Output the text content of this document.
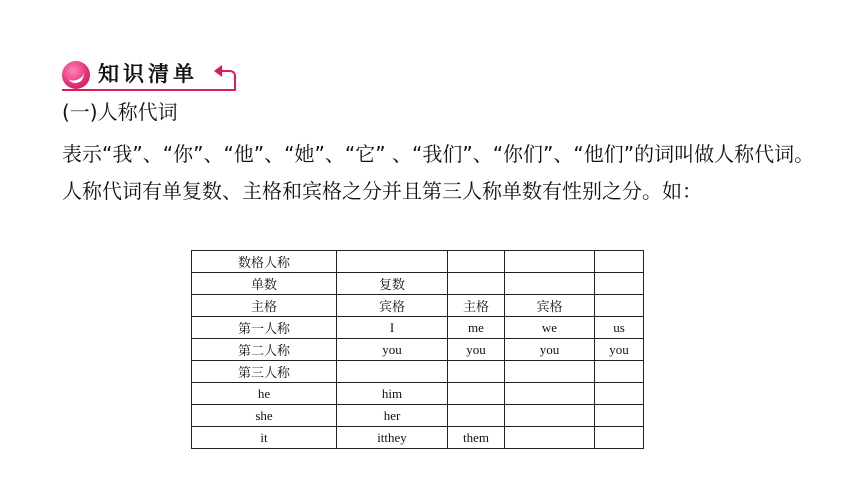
知识清单
(一)人称代词
表示“我”、“你”、“他”、“她”、“它” 、“我们”、“你们”、“他们”的词叫做人称代词。人称代词有单复数、主格和宾格之分并且第三人称单数有性别之分。如：
数格人称				
单数	复数			
主格	宾格	主格	宾格	
第一人称	I	me	we	us
第二人称	you	you	you	you
第三人称				
he	him			
she	her			
it	itthey	them		
